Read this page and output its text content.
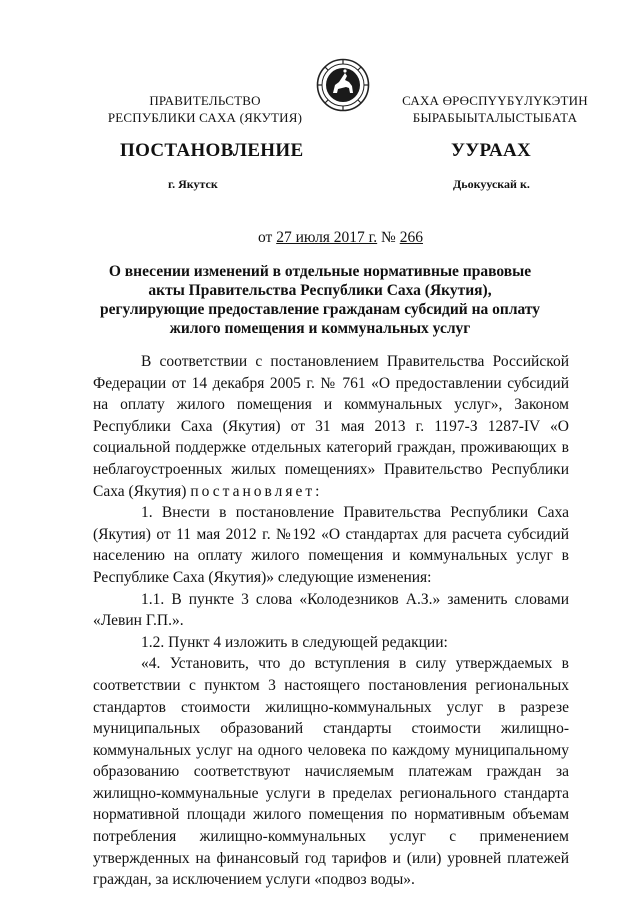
ПРАВИТЕЛЬСТВО
РЕСПУБЛИКИ САХА (ЯКУТИЯ)
САХА ӨРӨСПҮҮБҮЛҮКЭТИН
БЫРАБЫЫТАЛЫСТЫБАТА
ПОСТАНОВЛЕНИЕ	УУРААХ
г. Якутск	Дьокуускай к.
от 27 июля 2017 г. № 266
О внесении изменений в отдельные нормативные правовые акты Правительства Республики Саха (Якутия), регулирующие предоставление гражданам субсидий на оплату жилого помещения и коммунальных услуг

В соответствии с постановлением Правительства Российской Федерации от 14 декабря 2005 г. № 761 «О предоставлении субсидий на оплату жилого помещения и коммунальных услуг», Законом Республики Саха (Якутия) от 31 мая 2013 г. 1197-З 1287-IV «О социальной поддержке отдельных категорий граждан, проживающих в неблагоустроенных жилых помещениях» Правительство Республики Саха (Якутия) постановляет:

1. Внести в постановление Правительства Республики Саха (Якутия) от 11 мая 2012 г. №192 «О стандартах для расчета субсидий населению на оплату жилого помещения и коммунальных услуг в Республике Саха (Якутия)» следующие изменения:

1.1. В пункте 3 слова «Колодезников А.З.» заменить словами «Левин Г.П.».

1.2. Пункт 4 изложить в следующей редакции:

«4. Установить, что до вступления в силу утверждаемых в соответствии с пунктом 3 настоящего постановления региональных стандартов стоимости жилищно-коммунальных услуг в разрезе муниципальных образований стандарты стоимости жилищно-коммунальных услуг на одного человека по каждому муниципальному образованию соответствуют начисляемым платежам граждан за жилищно-коммунальные услуги в пределах регионального стандарта нормативной площади жилого помещения по нормативным объемам потребления жилищно-коммунальных услуг с применением утвержденных на финансовый год тарифов и (или) уровней платежей граждан, за исключением услуги «подвоз воды».
